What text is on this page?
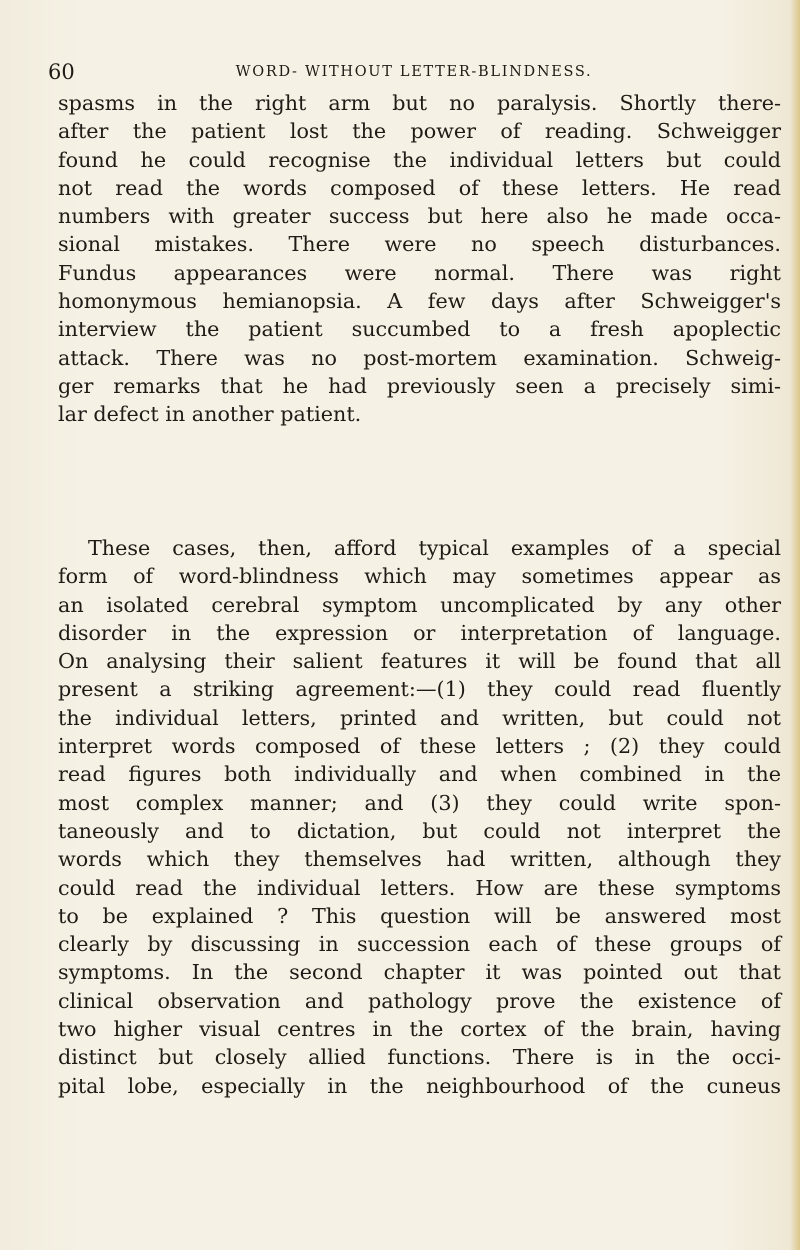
60	WORD- WITHOUT LETTER-BLINDNESS.
spasms in the right arm but no paralysis. Shortly there-
after the patient lost the power of reading. Schweigger
found he could recognise the individual letters but could
not read the words composed of these letters. He read
numbers with greater success but here also he made occa-
sional mistakes. There were no speech disturbances.
Fundus appearances were normal. There was right
homonymous hemianopsia. A few days after Schweigger's
interview the patient succumbed to a fresh apoplectic
attack. There was no post-mortem examination. Schweig-
ger remarks that he had previously seen a precisely simi-
lar defect in another patient.
These cases, then, afford typical examples of a special
form of word-blindness which may sometimes appear as
an isolated cerebral symptom uncomplicated by any other
disorder in the expression or interpretation of language.
On analysing their salient features it will be found that all
present a striking agreement:—(1) they could read fluently
the individual letters, printed and written, but could not
interpret words composed of these letters ; (2) they could
read figures both individually and when combined in the
most complex manner; and (3) they could write spon-
taneously and to dictation, but could not interpret the
words which they themselves had written, although they
could read the individual letters. How are these symptoms
to be explained ? This question will be answered most
clearly by discussing in succession each of these groups of
symptoms. In the second chapter it was pointed out that
clinical observation and pathology prove the existence of
two higher visual centres in the cortex of the brain, having
distinct but closely allied functions. There is in the occi-
pital lobe, especially in the neighbourhood of the cuneus
